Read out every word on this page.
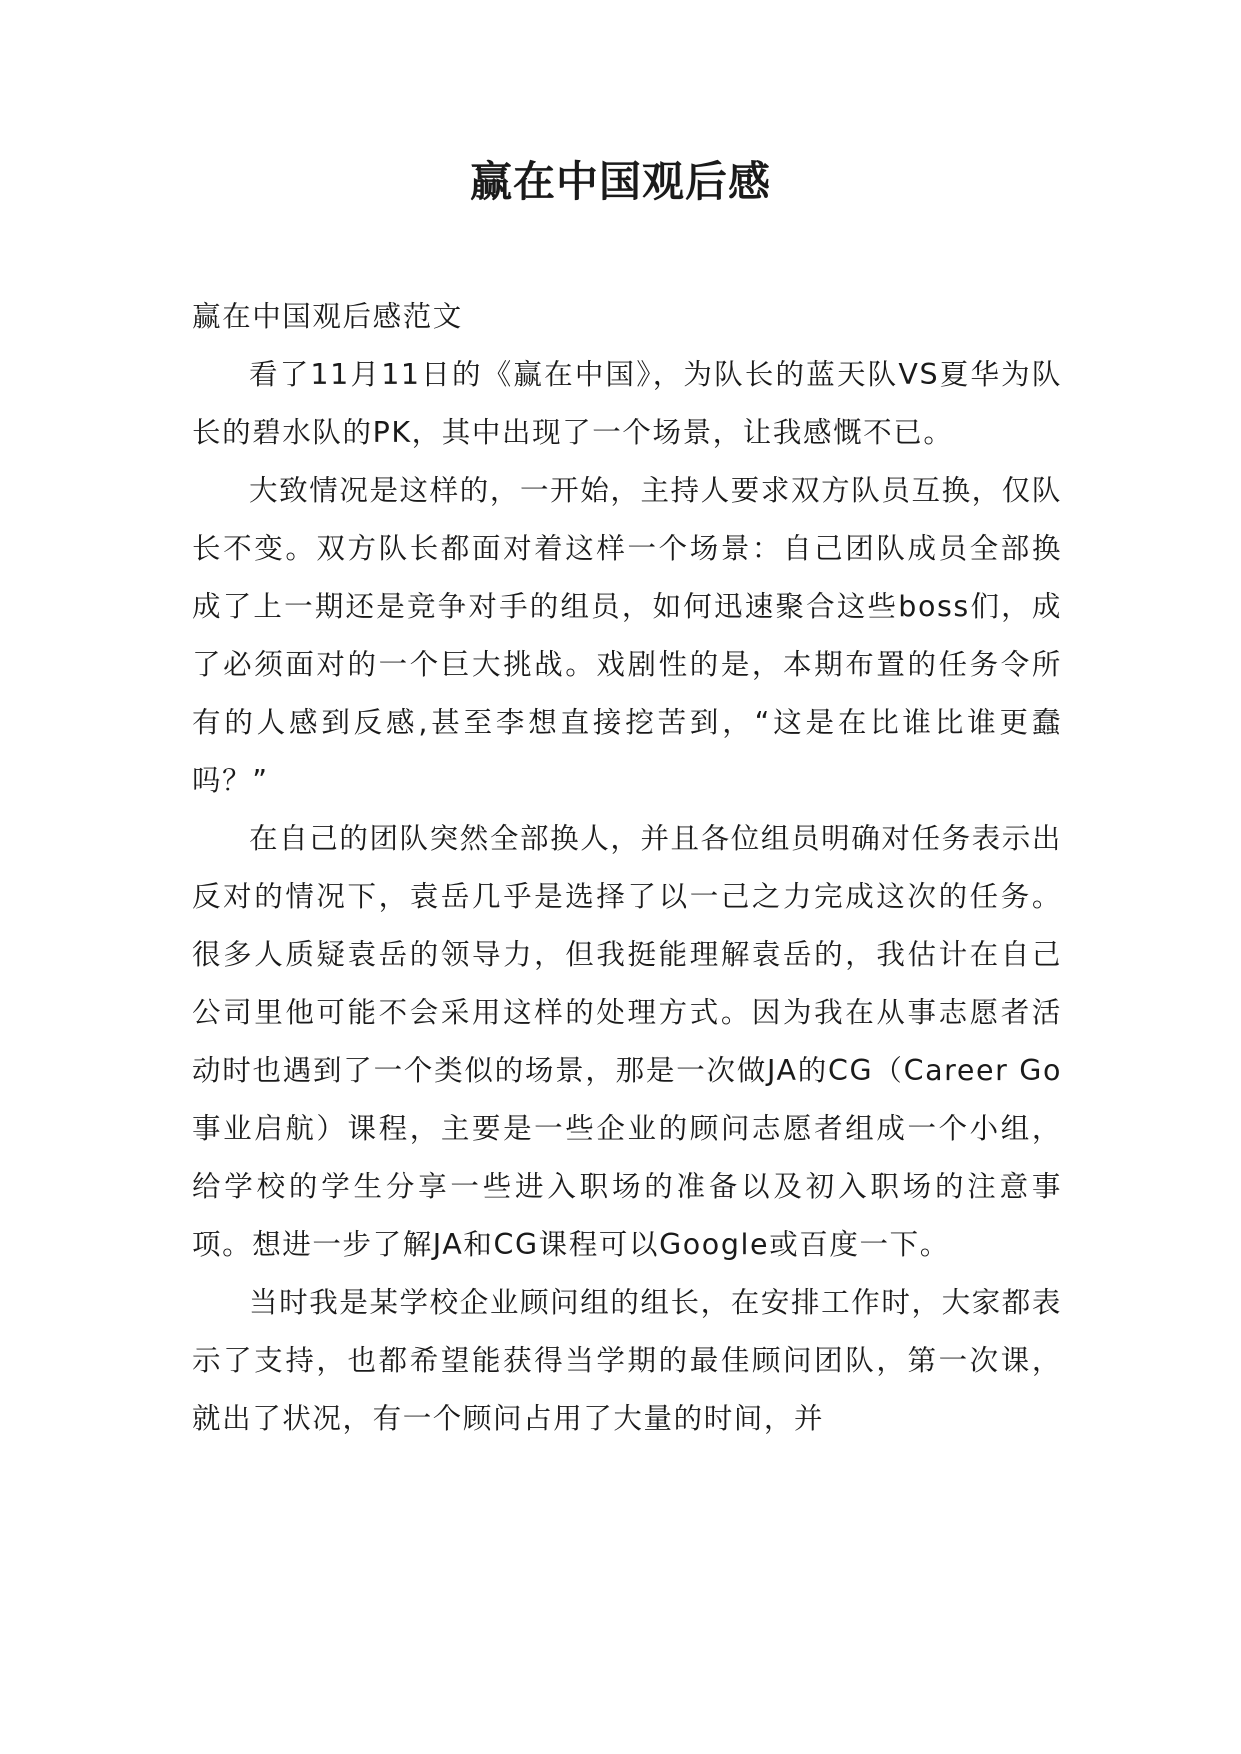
赢在中国观后感

赢在中国观后感范文

看了11月11日的《赢在中国》，为队长的蓝天队VS夏华为队长的碧水队的PK，其中出现了一个场景，让我感慨不已。

大致情况是这样的，一开始，主持人要求双方队员互换，仅队长不变。双方队长都面对着这样一个场景：自己团队成员全部换成了上一期还是竞争对手的组员，如何迅速聚合这些boss们，成了必须面对的一个巨大挑战。戏剧性的是，本期布置的任务令所有的人感到反感,甚至李想直接挖苦到，“这是在比谁比谁更蠢吗？”

在自己的团队突然全部换人，并且各位组员明确对任务表示出反对的情况下，袁岳几乎是选择了以一己之力完成这次的任务。很多人质疑袁岳的领导力，但我挺能理解袁岳的，我估计在自己公司里他可能不会采用这样的处理方式。因为我在从事志愿者活动时也遇到了一个类似的场景，那是一次做JA的CG（Career Go事业启航）课程，主要是一些企业的顾问志愿者组成一个小组，给学校的学生分享一些进入职场的准备以及初入职场的注意事项。想进一步了解JA和CG课程可以Google或百度一下。

当时我是某学校企业顾问组的组长，在安排工作时，大家都表示了支持，也都希望能获得当学期的最佳顾问团队，第一次课，就出了状况，有一个顾问占用了大量的时间，并
